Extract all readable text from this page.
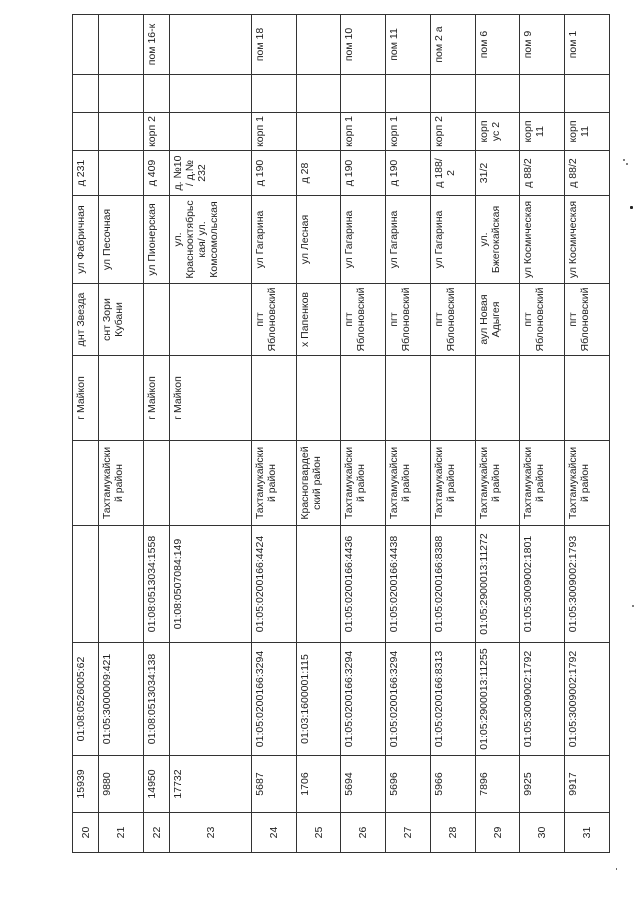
20	15939	01:08:0526005:62			г Майкоп	днт Звезда	ул Фабричная	д 231			
21	9880	01:05:3000009:421		Тахтамукайский район		снт Зори Кубани	ул Песочная				
22	14950	01:08:0513034:138	01:08:0513034:1558		г Майкоп		ул Пионерская	д 409	корп 2		пом 16-к
23	17732		01:08:0507084:149		г Майкоп		ул. Краснооктябрьская/ ул. Комсомольская	д. №10 / д.№ 232			
24	5687	01:05:0200166:3294	01:05:0200166:4424	Тахтамукайский район		пгт Яблоновский	ул Гагарина	д 190	корп 1		пом 18
25	1706	01:03:1600001:115		Красногвардейский район		х Папенков	ул Лесная	д 28			
26	5694	01:05:0200166:3294	01:05:0200166:4436	Тахтамукайский район		пгт Яблоновский	ул Гагарина	д 190	корп 1		пом 10
27	5696	01:05:0200166:3294	01:05:0200166:4438	Тахтамукайский район		пгт Яблоновский	ул Гагарина	д 190	корп 1		пом 11
28	5966	01:05:0200166:8313	01:05:0200166:8388	Тахтамукайский район		пгт Яблоновский	ул Гагарина	д 188/ 2	корп 2		пом 2 а
29	7896	01:05:2900013:11255	01:05:2900013:11272	Тахтамукайский район		аул Новая Адыгея	ул. Бжегокайская	31/2	корп ус 2		пом 6
30	9925	01:05:3009002:1792	01:05:3009002:1801	Тахтамукайский район		пгт Яблоновский	ул Космическая	д 88/2	корп 11		пом 9
31	9917	01:05:3009002:1792	01:05:3009002:1793	Тахтамукайский район		пгт Яблоновский	ул Космическая	д 88/2	корп 11		пом 1
